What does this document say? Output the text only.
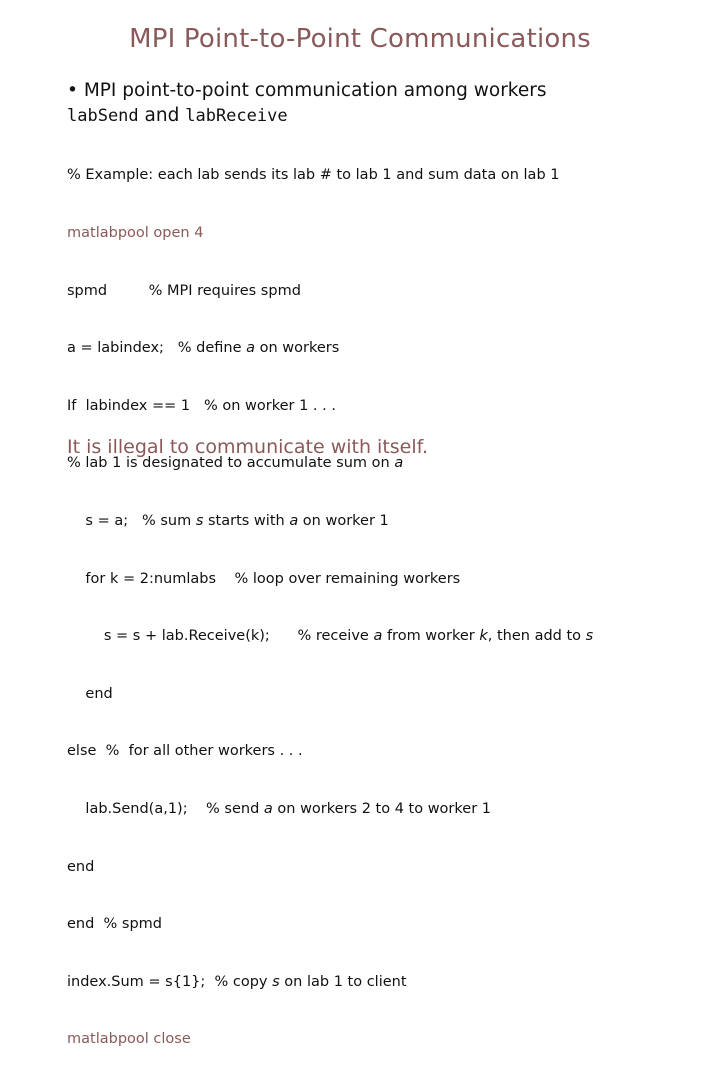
MPI Point-to-Point Communications
• MPI point-to-point communication among workers
labSend and labReceive

% Example: each lab sends its lab # to lab 1 and sum data on lab 1

matlabpool open 4

spmd         % MPI requires spmd

a = labindex;   % define a on workers

If  labindex == 1   % on worker 1 . . .

% lab 1 is designated to accumulate sum on a

s = a;   % sum s starts with a on worker 1

for k = 2:numlabs    % loop over remaining workers

s = s + lab.Receive(k);      % receive a from worker k, then add to s

end

else  %  for all other workers . . .

lab.Send(a,1);    % send a on workers 2 to 4 to worker 1

end

end  % spmd

index.Sum = s{1};  % copy s on lab 1 to client

matlabpool close

It is illegal to communicate with itself.
